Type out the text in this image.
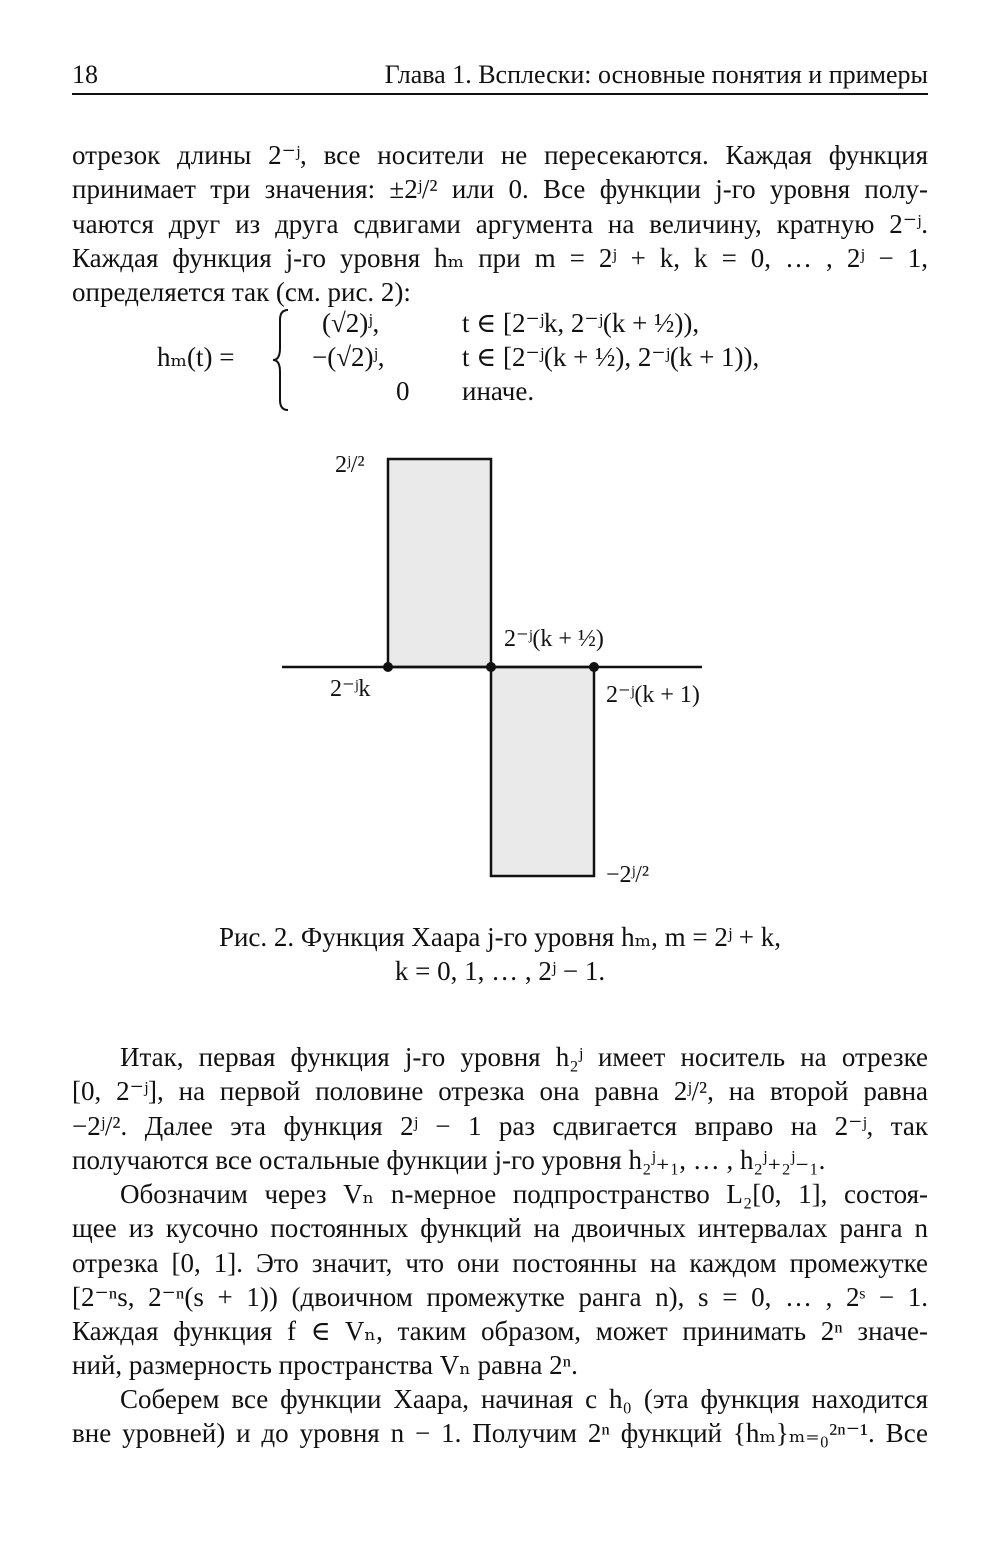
18	Глава 1. Всплески: основные понятия и примеры
отрезок длины 2⁻ʲ, все носители не пересекаются. Каждая функция
принимает три значения: ±2ʲ/² или 0. Все функции j-го уровня полу-
чаются друг из друга сдвигами аргумента на величину, кратную 2⁻ʲ.
Каждая функция j-го уровня hₘ при m = 2ʲ + k, k = 0, … , 2ʲ − 1,
определяется так (см. рис. 2):
hₘ(t) =
(√2)ʲ,	t ∈ [2⁻ʲk, 2⁻ʲ(k + ½)),
−(√2)ʲ,	t ∈ [2⁻ʲ(k + ½), 2⁻ʲ(k + 1)),
0 иначе.
2ʲ/²
2⁻ʲ(k + ½)
2⁻ʲk	2⁻ʲ(k + 1)
−2ʲ/²
Рис. 2. Функция Хаара j-го уровня hₘ, m = 2ʲ + k,
k = 0, 1, … , 2ʲ − 1.
Итак, первая функция j-го уровня h₂ʲ имеет носитель на отрезке
[0, 2⁻ʲ], на первой половине отрезка она равна 2ʲ/², на второй равна
−2ʲ/². Далее эта функция 2ʲ − 1 раз сдвигается вправо на 2⁻ʲ, так
получаются все остальные функции j-го уровня h₂ʲ₊₁, … , h₂ʲ₊₂ʲ₋₁.
Обозначим через Vₙ n-мерное подпространство L₂[0, 1], состоя-
щее из кусочно постоянных функций на двоичных интервалах ранга n
отрезка [0, 1]. Это значит, что они постоянны на каждом промежутке
[2⁻ⁿs, 2⁻ⁿ(s + 1)) (двоичном промежутке ранга n), s = 0, … , 2ˢ − 1.
Каждая функция f ∈ Vₙ, таким образом, может принимать 2ⁿ значе-
ний, размерность пространства Vₙ равна 2ⁿ.
Соберем все функции Хаара, начиная с h₀ (эта функция находится
вне уровней) и до уровня n − 1. Получим 2ⁿ функций {hₘ}ₘ₌₀²ⁿ⁻¹. Все
